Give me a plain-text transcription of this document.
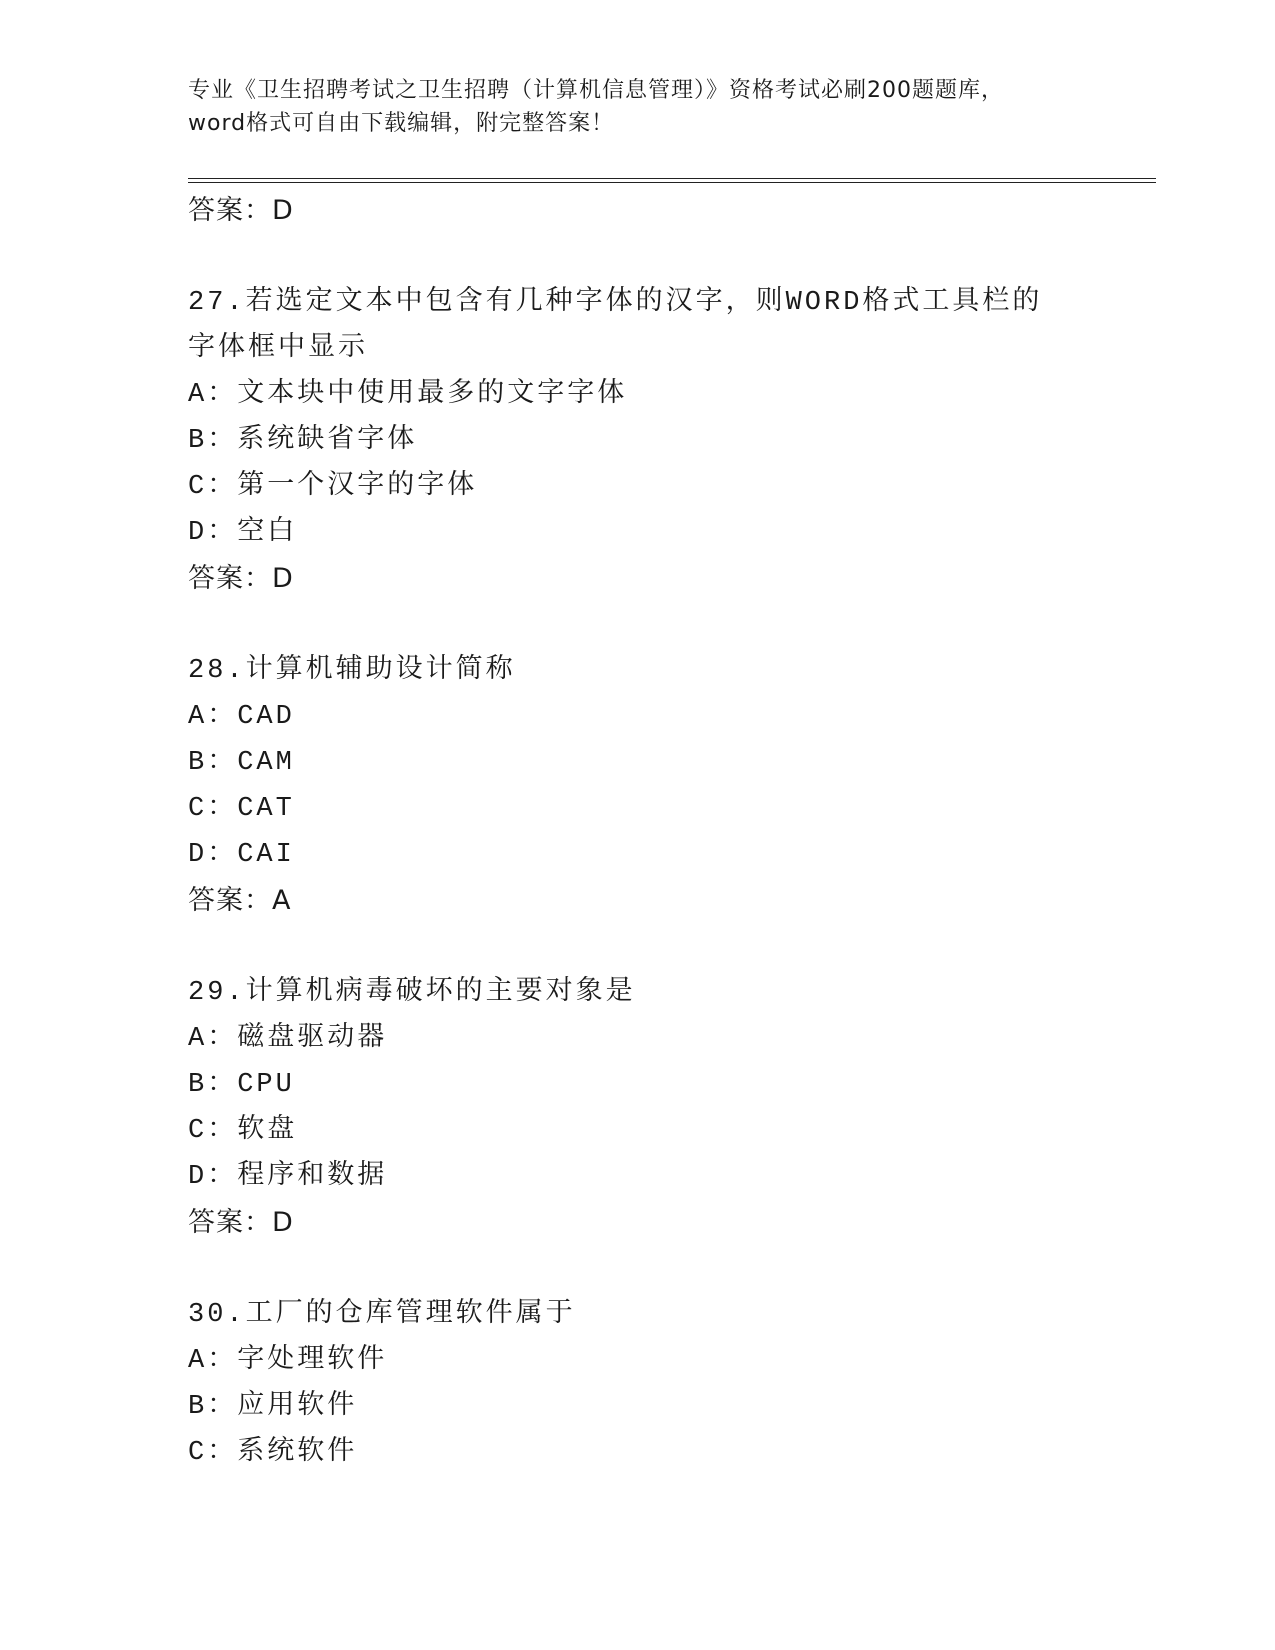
专业《卫生招聘考试之卫生招聘（计算机信息管理）》资格考试必刷200题题库，
word格式可自由下载编辑，附完整答案！
答案：D
27.若选定文本中包含有几种字体的汉字，则WORD格式工具栏的字体框中显示
A：文本块中使用最多的文字字体
B：系统缺省字体
C：第一个汉字的字体
D：空白
答案：D
28.计算机辅助设计简称
A：CAD
B：CAM
C：CAT
D：CAI
答案：A
29.计算机病毒破坏的主要对象是
A：磁盘驱动器
B：CPU
C：软盘
D：程序和数据
答案：D
30.工厂的仓库管理软件属于
A：字处理软件
B：应用软件
C：系统软件
